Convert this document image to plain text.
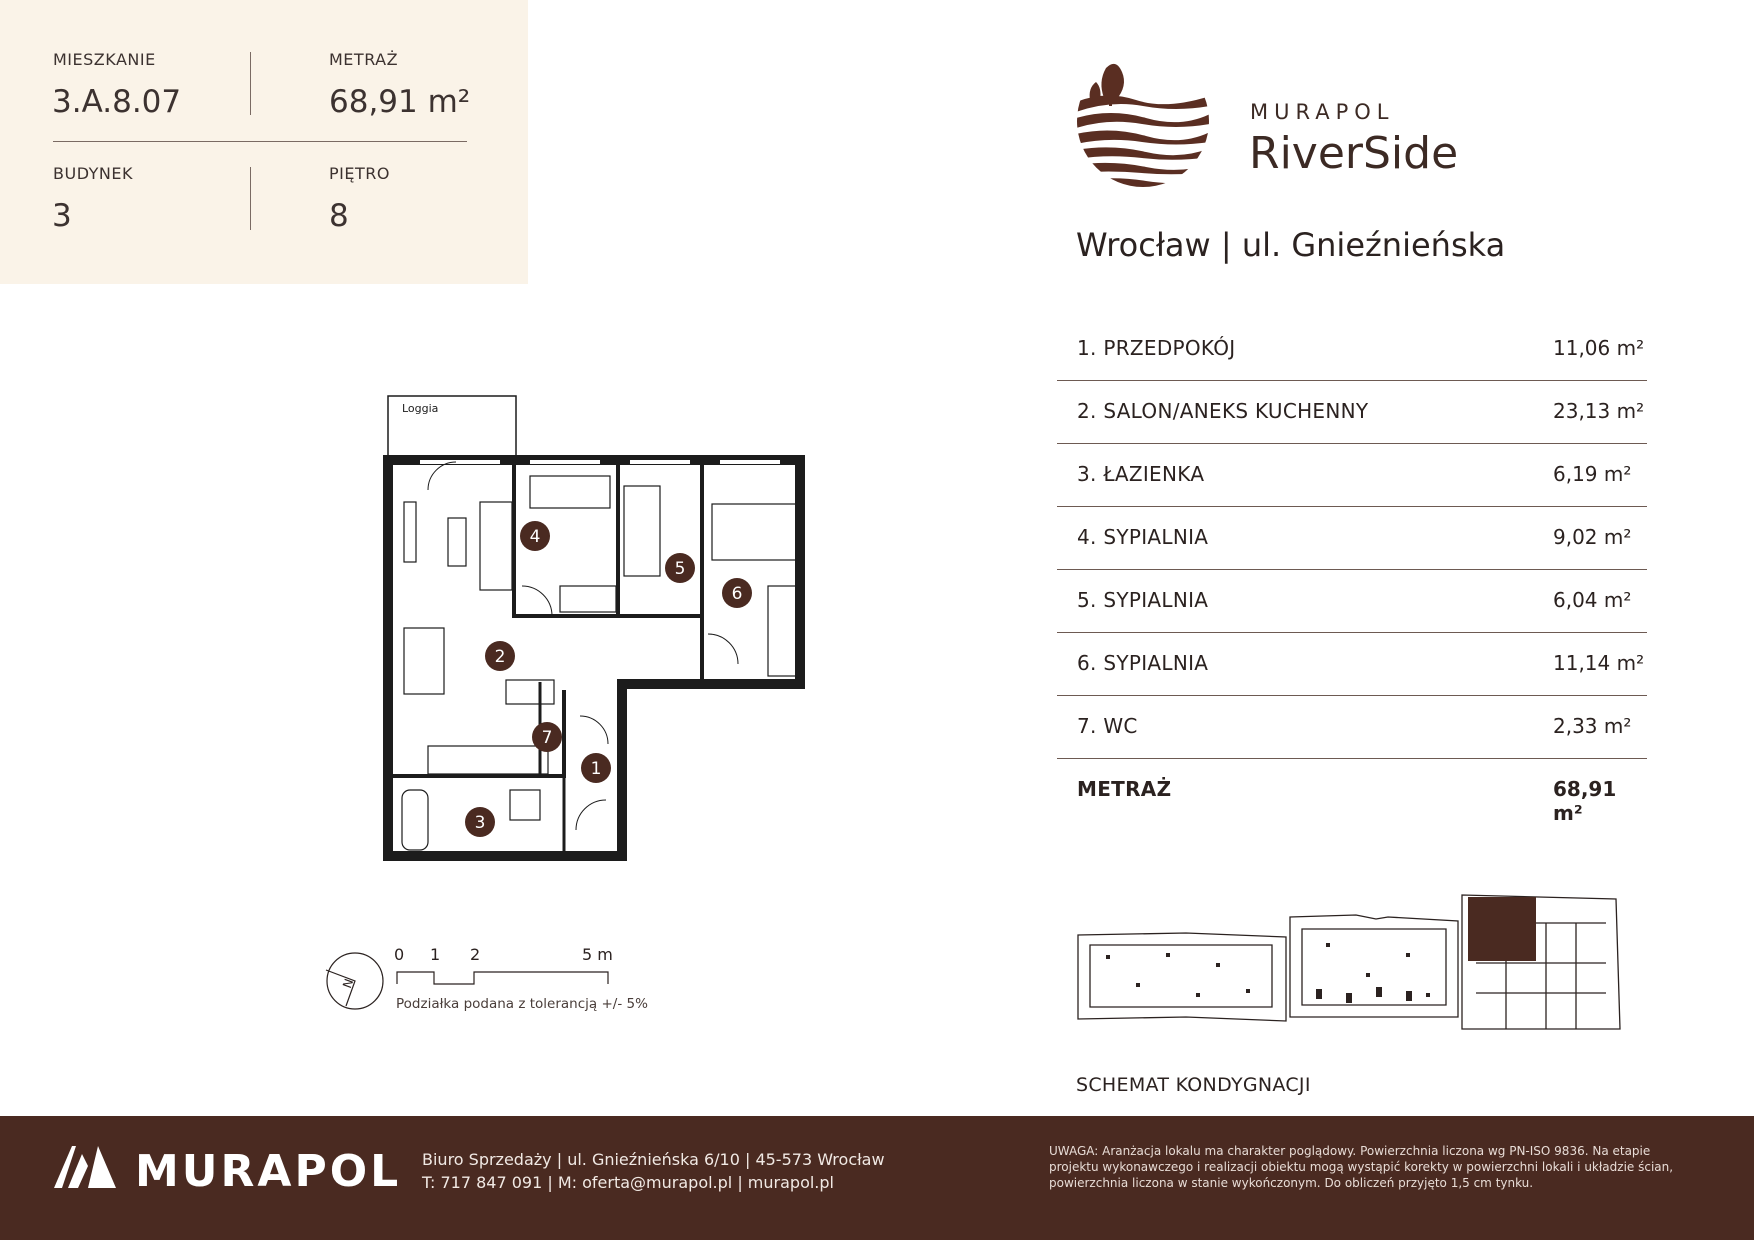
MIESZKANIE
3.A.8.07
METRAŻ
68,91 m²
BUDYNEK
3
PIĘTRO
8
MURAPOL
RiverSide
Wrocław | ul. Gnieźnieńska
1. PRZEDPOKÓJ	11,06 m²
2. SALON/ANEKS KUCHENNY	23,13 m²
3. ŁAZIENKA	6,19 m²
4. SYPIALNIA	9,02 m²
5. SYPIALNIA	6,04 m²
6. SYPIALNIA	11,14 m²
7. WC	2,33 m²
METRAŻ	68,91 m²
Loggia
1
2
3
4
5
6
7
N
0 1 2	5 m
Podziałka podana z tolerancją +/- 5%
SCHEMAT KONDYGNACJI
MURAPOL Biuro Sprzedaży | ul. Gnieźnieńska 6/10 | 45-573 Wrocław
T: 717 847 091 | M: oferta@murapol.pl | murapol.pl
UWAGA: Aranżacja lokalu ma charakter poglądowy. Powierzchnia liczona wg PN-ISO 9836. Na etapie projektu wykonawczego i realizacji obiektu mogą wystąpić korekty w powierzchni lokali i układzie ścian, powierzchnia liczona w stanie wykończonym. Do obliczeń przyjęto 1,5 cm tynku.
